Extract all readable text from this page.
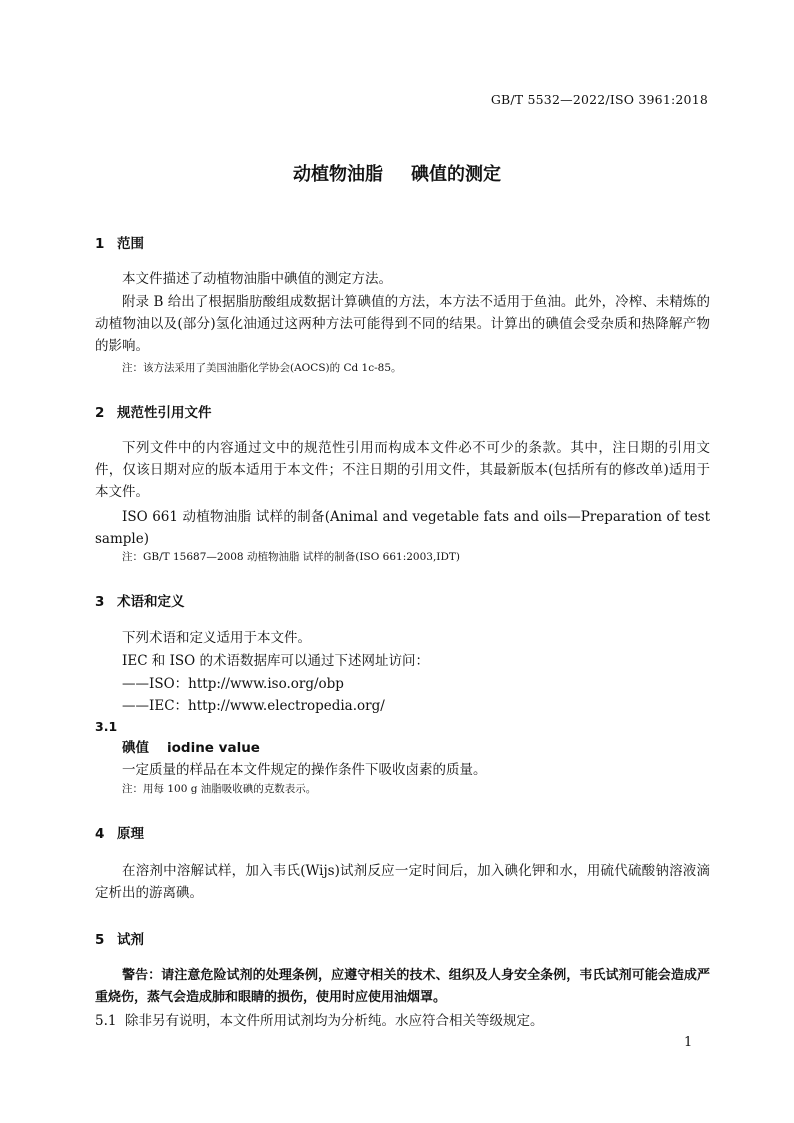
GB/T 5532—2022/ISO 3961:2018
动植物油脂 碘值的测定
1 范围
本文件描述了动植物油脂中碘值的测定方法。
附录 B 给出了根据脂肪酸组成数据计算碘值的方法，本方法不适用于鱼油。此外，冷榨、未精炼的动植物油以及(部分)氢化油通过这两种方法可能得到不同的结果。计算出的碘值会受杂质和热降解产物的影响。
注：该方法采用了美国油脂化学协会(AOCS)的 Cd 1c-85。
2 规范性引用文件
下列文件中的内容通过文中的规范性引用而构成本文件必不可少的条款。其中，注日期的引用文件，仅该日期对应的版本适用于本文件；不注日期的引用文件，其最新版本(包括所有的修改单)适用于本文件。
ISO 661 动植物油脂 试样的制备(Animal and vegetable fats and oils—Preparation of test sample)
注：GB/T 15687—2008 动植物油脂 试样的制备(ISO 661:2003,IDT)
3 术语和定义
下列术语和定义适用于本文件。
IEC 和 ISO 的术语数据库可以通过下述网址访问：
——ISO：http://www.iso.org/obp
——IEC：http://www.electropedia.org/
3.1
碘值 iodine value
一定质量的样品在本文件规定的操作条件下吸收卤素的质量。
注：用每 100 g 油脂吸收碘的克数表示。
4 原理
在溶剂中溶解试样，加入韦氏(Wijs)试剂反应一定时间后，加入碘化钾和水，用硫代硫酸钠溶液滴定析出的游离碘。
5 试剂
警告：请注意危险试剂的处理条例，应遵守相关的技术、组织及人身安全条例，韦氏试剂可能会造成严重烧伤，蒸气会造成肺和眼睛的损伤，使用时应使用油烟罩。
5.1 除非另有说明，本文件所用试剂均为分析纯。水应符合相关等级规定。
1
